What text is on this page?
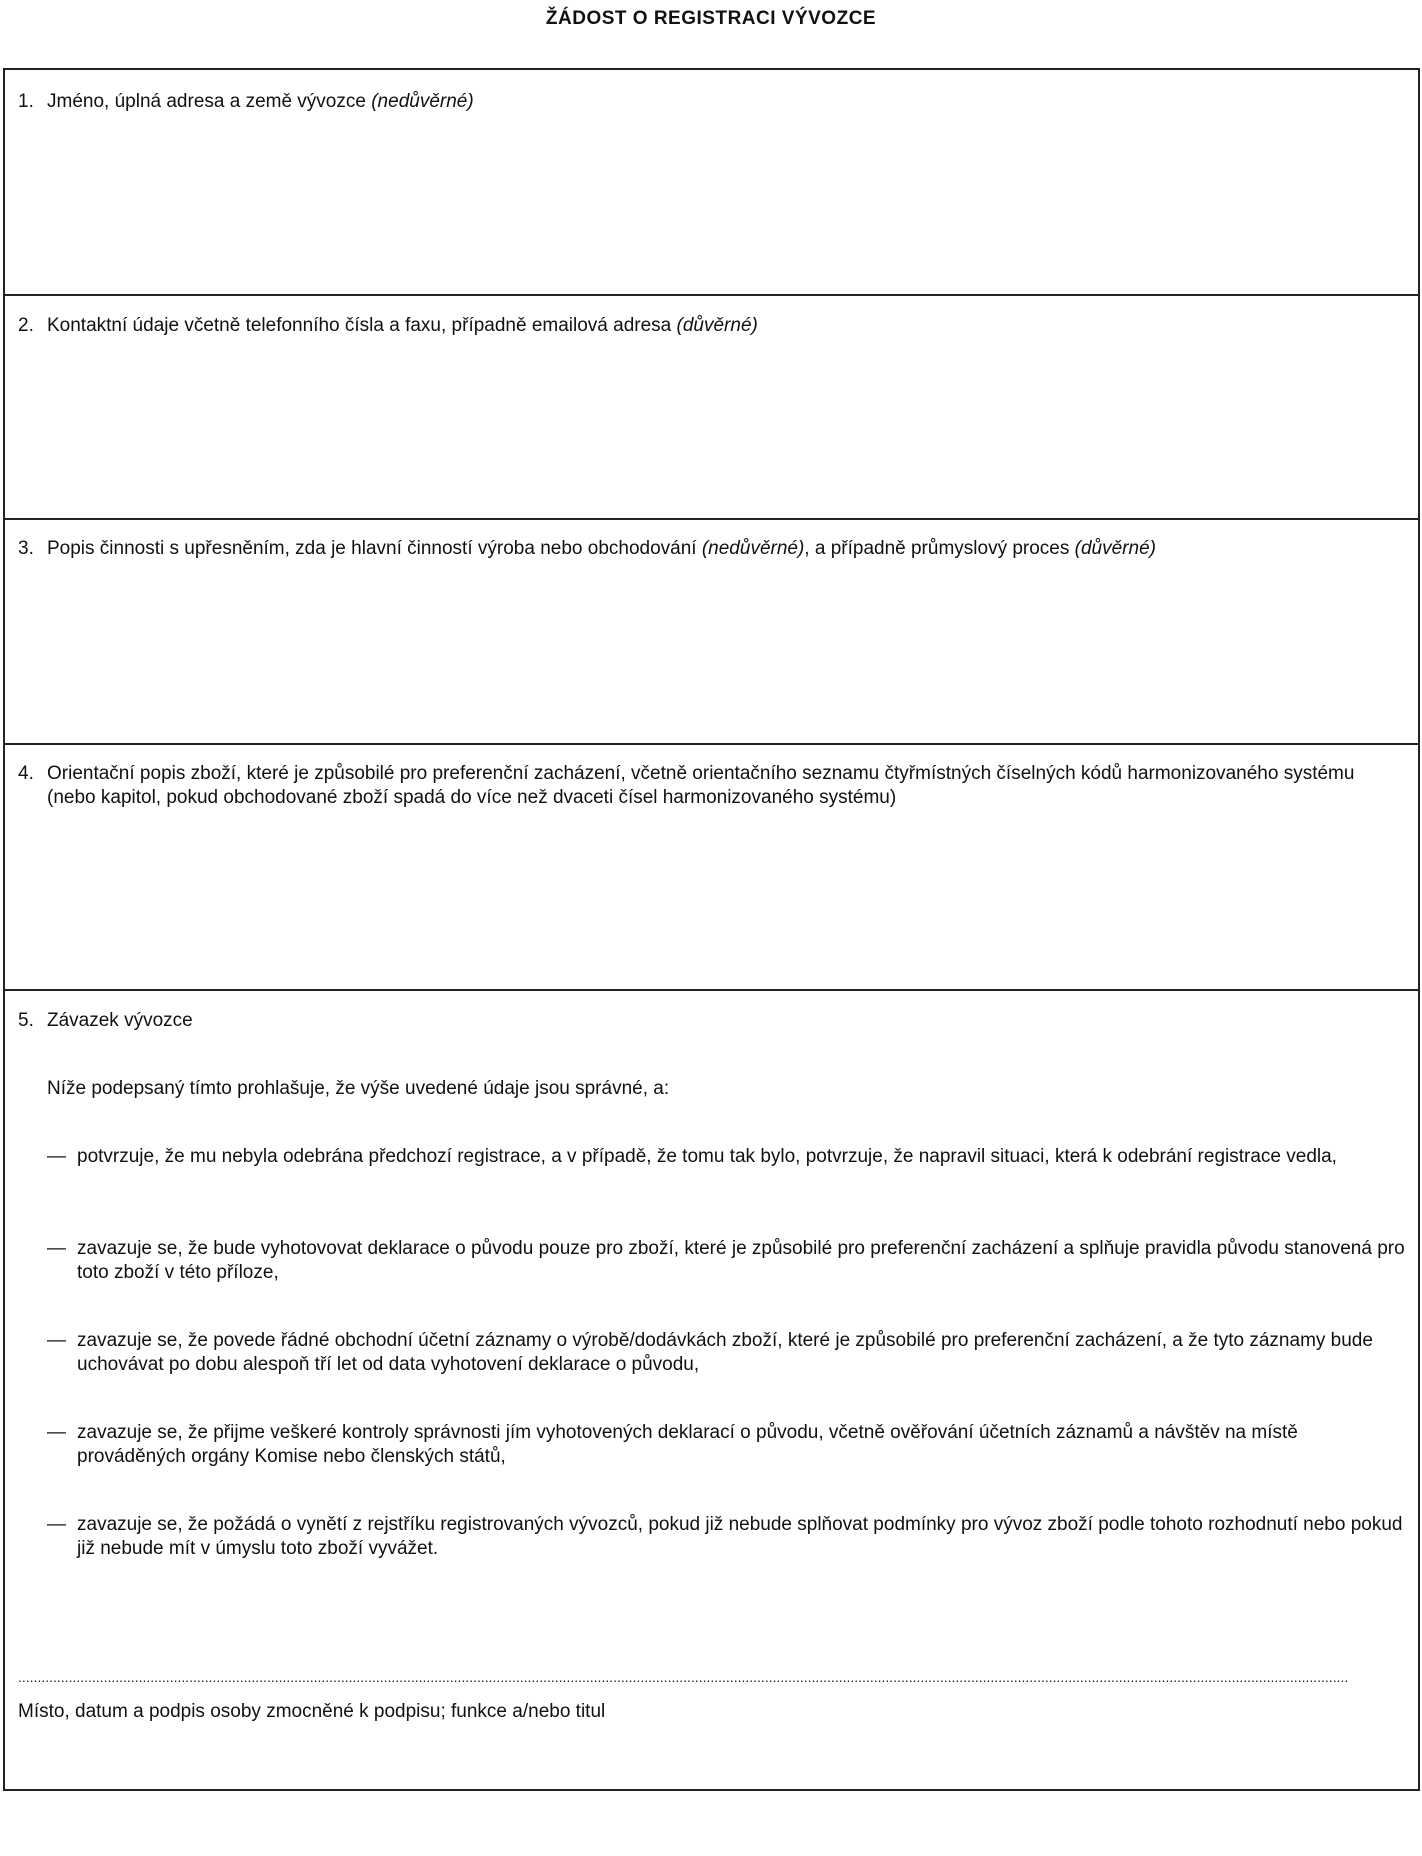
ŽÁDOST O REGISTRACI VÝVOZCE
1. Jméno, úplná adresa a země vývozce (nedůvěrné)
2. Kontaktní údaje včetně telefonního čísla a faxu, případně emailová adresa (důvěrné)
3. Popis činnosti s upřesněním, zda je hlavní činností výroba nebo obchodování (nedůvěrné), a případně průmyslový proces (důvěrné)
4. Orientační popis zboží, které je způsobilé pro preferenční zacházení, včetně orientačního seznamu čtyřmístných číselných kódů harmonizovaného systému (nebo kapitol, pokud obchodované zboží spadá do více než dvaceti čísel harmonizovaného systému)
5. Závazek vývozce
Níže podepsaný tímto prohlašuje, že výše uvedené údaje jsou správné, a:
— potvrzuje, že mu nebyla odebrána předchozí registrace, a v případě, že tomu tak bylo, potvrzuje, že napravil situaci, která k odebrání registrace vedla,
— zavazuje se, že bude vyhotovovat deklarace o původu pouze pro zboží, které je způsobilé pro preferenční zacházení a splňuje pravidla původu stanovená pro toto zboží v této příloze,
— zavazuje se, že povede řádné obchodní účetní záznamy o výrobě/dodávkách zboží, které je způsobilé pro preferenční zacházení, a že tyto záznamy bude uchovávat po dobu alespoň tří let od data vyhotovení deklarace o původu,
— zavazuje se, že přijme veškeré kontroly správnosti jím vyhotovených deklarací o původu, včetně ověřování účetních záznamů a návštěv na místě prováděných orgány Komise nebo členských států,
— zavazuje se, že požádá o vynětí z rejstříku registrovaných vývozců, pokud již nebude splňovat podmínky pro vývoz zboží podle tohoto rozhodnutí nebo pokud již nebude mít v úmyslu toto zboží vyvážet.
......................................................................................................................................................................................................................................................................................................................................................
Místo, datum a podpis osoby zmocněné k podpisu; funkce a/nebo titul
